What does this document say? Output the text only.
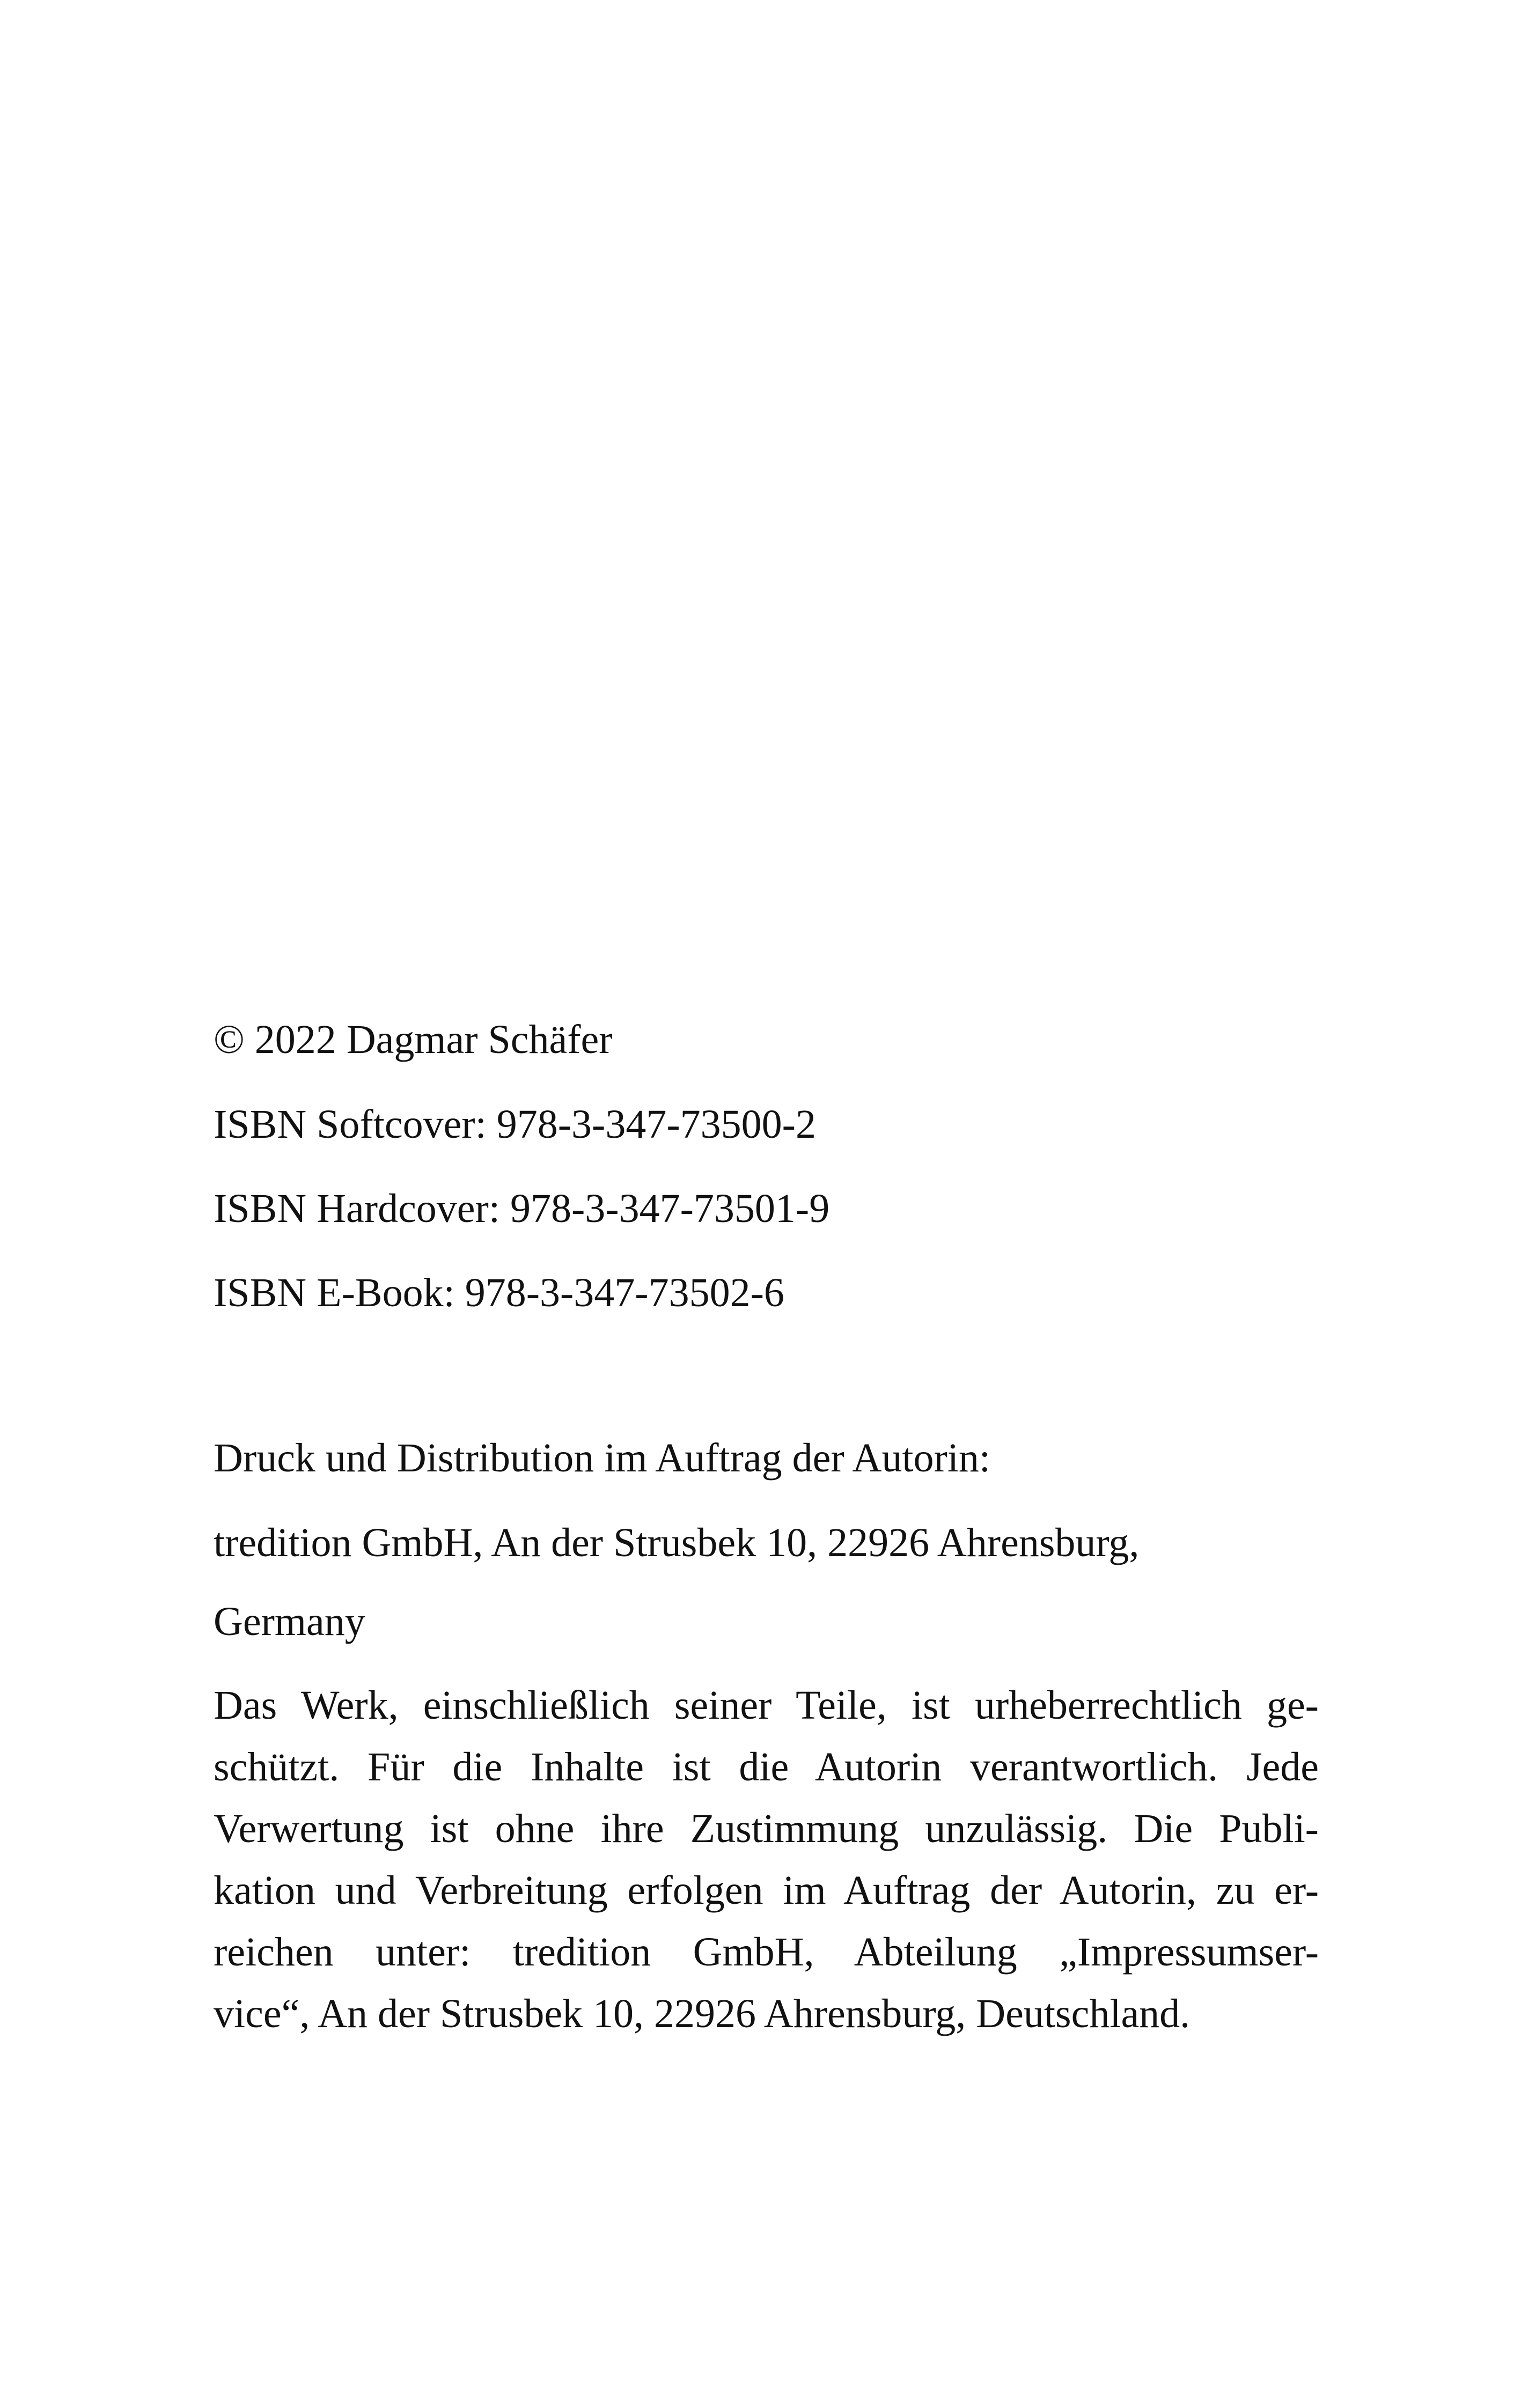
© 2022 Dagmar Schäfer
ISBN Softcover: 978-3-347-73500-2
ISBN Hardcover: 978-3-347-73501-9
ISBN E-Book: 978-3-347-73502-6
Druck und Distribution im Auftrag der Autorin:
tredition GmbH, An der Strusbek 10, 22926 Ahrensburg,
Germany
Das Werk, einschließlich seiner Teile, ist urheberrechtlich ge-
schützt. Für die Inhalte ist die Autorin verantwortlich. Jede
Verwertung ist ohne ihre Zustimmung unzulässig. Die Publi-
kation und Verbreitung erfolgen im Auftrag der Autorin, zu er-
reichen unter: tredition GmbH, Abteilung „Impressumser-
vice“, An der Strusbek 10, 22926 Ahrensburg, Deutschland.
